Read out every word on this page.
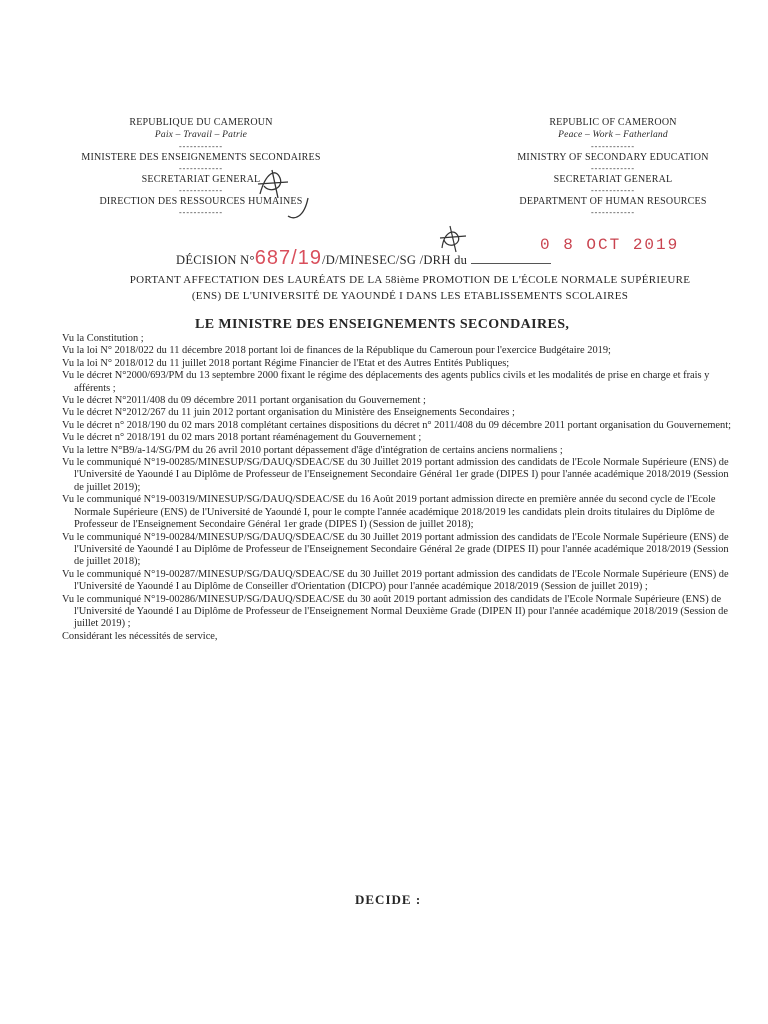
REPUBLIQUE DU CAMEROUN
Paix – Travail – Patrie
------------
MINISTERE DES ENSEIGNEMENTS SECONDAIRES
------------
SECRETARIAT GENERAL
------------
DIRECTION DES RESSOURCES HUMAINES
------------
REPUBLIC OF CAMEROON
Peace – Work – Fatherland
------------
MINISTRY OF SECONDARY EDUCATION
------------
SECRETARIAT GENERAL
------------
DEPARTMENT OF HUMAN RESOURCES
------------
DÉCISION N°687/19/D/MINESEC/SG /DRH du
0 8 OCT 2019
PORTANT AFFECTATION DES LAURÉATS DE LA 58ième PROMOTION DE L'ÉCOLE NORMALE SUPÉRIEURE
(ENS) DE L'UNIVERSITÉ DE YAOUNDÉ I DANS LES ETABLISSEMENTS SCOLAIRES
LE MINISTRE DES ENSEIGNEMENTS SECONDAIRES,

Vu la Constitution ;

Vu la loi N° 2018/022 du 11 décembre 2018 portant loi de finances de la République du Cameroun pour l'exercice Budgétaire 2019;

Vu la loi N° 2018/012 du 11 juillet 2018 portant Régime Financier de l'Etat et des Autres Entités Publiques;

Vu le décret N°2000/693/PM du 13 septembre 2000 fixant le régime des déplacements des agents publics civils et les modalités de prise en charge et frais y afférents ;

Vu le décret N°2011/408 du 09 décembre 2011 portant organisation du Gouvernement ;

Vu le décret N°2012/267 du 11 juin 2012 portant organisation du Ministère des Enseignements Secondaires ;

Vu le décret n° 2018/190 du 02 mars 2018 complétant certaines dispositions du décret n° 2011/408 du 09 décembre 2011 portant organisation du Gouvernement;

Vu le décret n° 2018/191 du 02 mars 2018 portant réaménagement du Gouvernement ;

Vu la lettre N°B9/a-14/SG/PM du 26 avril 2010 portant dépassement d'âge d'intégration de certains anciens normaliens ;

Vu le communiqué N°19-00285/MINESUP/SG/DAUQ/SDEAC/SE du 30 Juillet 2019 portant admission des candidats de l'Ecole Normale Supérieure (ENS) de l'Université de Yaoundé I au Diplôme de Professeur de l'Enseignement Secondaire Général 1er grade (DIPES I) pour l'année académique 2018/2019 (Session de juillet 2019);

Vu le communiqué N°19-00319/MINESUP/SG/DAUQ/SDEAC/SE du 16 Août 2019 portant admission directe en première année du second cycle de l'Ecole Normale Supérieure (ENS) de l'Université de Yaoundé I, pour le compte l'année académique 2018/2019 les candidats plein droits titulaires du Diplôme de Professeur de l'Enseignement Secondaire Général 1er grade (DIPES I) (Session de juillet 2018);

Vu le communiqué N°19-00284/MINESUP/SG/DAUQ/SDEAC/SE du 30 Juillet 2019 portant admission des candidats de l'Ecole Normale Supérieure (ENS) de l'Université de Yaoundé I au Diplôme de Professeur de l'Enseignement Secondaire Général 2e grade (DIPES II) pour l'année académique 2018/2019 (Session de juillet 2018);

Vu le communiqué N°19-00287/MINESUP/SG/DAUQ/SDEAC/SE du 30 Juillet 2019 portant admission des candidats de l'Ecole Normale Supérieure (ENS) de l'Université de Yaoundé I au Diplôme de Conseiller d'Orientation (DICPO) pour l'année académique 2018/2019 (Session de juillet 2019) ;

Vu le communiqué N°19-00286/MINESUP/SG/DAUQ/SDEAC/SE du 30 août 2019 portant admission des candidats de l'Ecole Normale Supérieure (ENS) de l'Université de Yaoundé I au Diplôme de Professeur de l'Enseignement Normal Deuxième Grade (DIPEN II) pour l'année académique 2018/2019 (Session de juillet 2019) ;

Considérant les nécessités de service,

DECIDE :
